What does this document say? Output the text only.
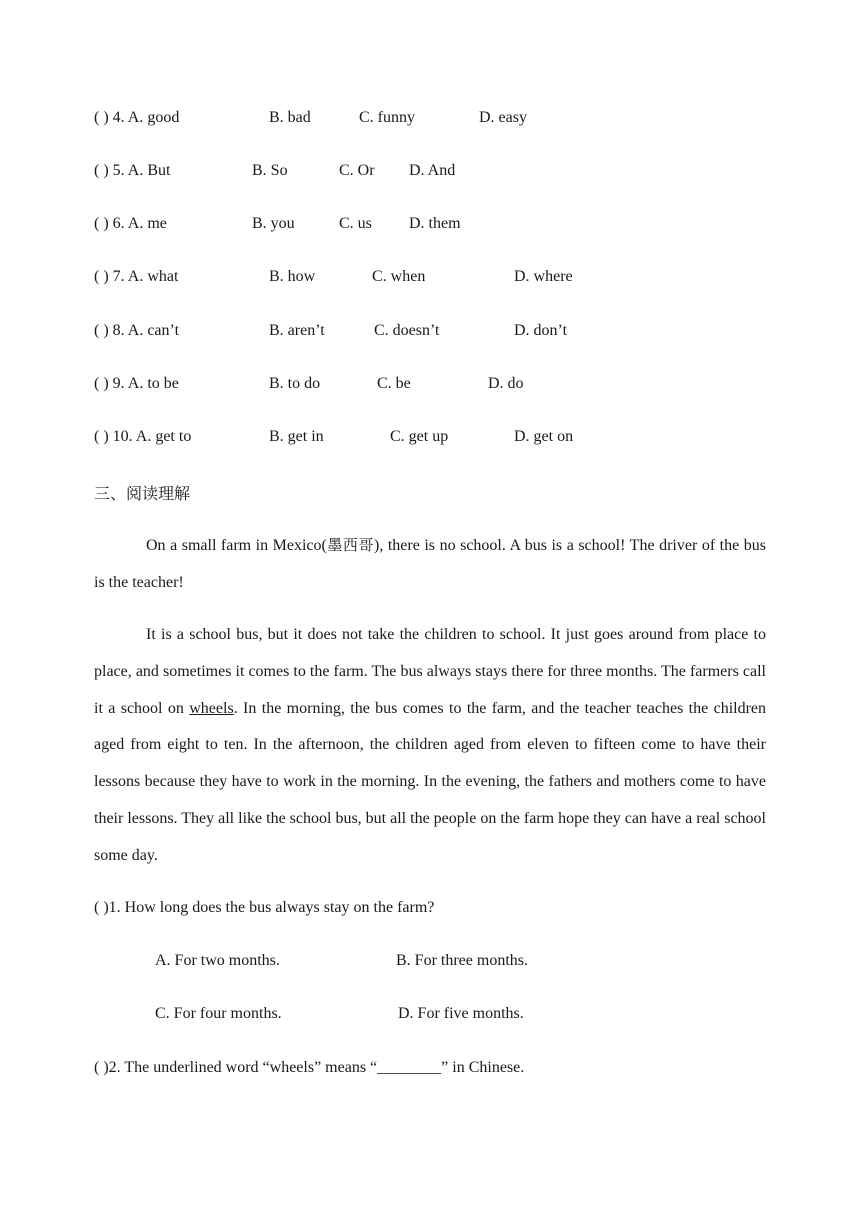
( ) 4. A. good	B. bad	C. funny	D. easy
( ) 5. A. But	B. So	C. Or D. And
( ) 6. A. me	B. you	C. us D. them
( ) 7. A. what	B. how	C. when	D. where
( ) 8. A. can’t	B. aren’t	C. doesn’t	D. don’t
( ) 9. A. to be	B. to do	C. be	D. do
( ) 10. A. get to	B. get in	C. get up	D. get on
三、阅读理解
On a small farm in Mexico(墨西哥), there is no school. A bus is a school! The driver of the bus is the teacher!
It is a school bus, but it does not take the children to school. It just goes around from place to place, and sometimes it comes to the farm. The bus always stays there for three months. The farmers call it a school on wheels. In the morning, the bus comes to the farm, and the teacher teaches the children aged from eight to ten. In the afternoon, the children aged from eleven to fifteen come to have their lessons because they have to work in the morning. In the evening, the fathers and mothers come to have their lessons. They all like the school bus, but all the people on the farm hope they can have a real school some day.
( )1. How long does the bus always stay on the farm?
A. For two months.	B. For three months.
C. For four months.	D. For five months.
( )2. The underlined word “wheels” means “________” in Chinese.
